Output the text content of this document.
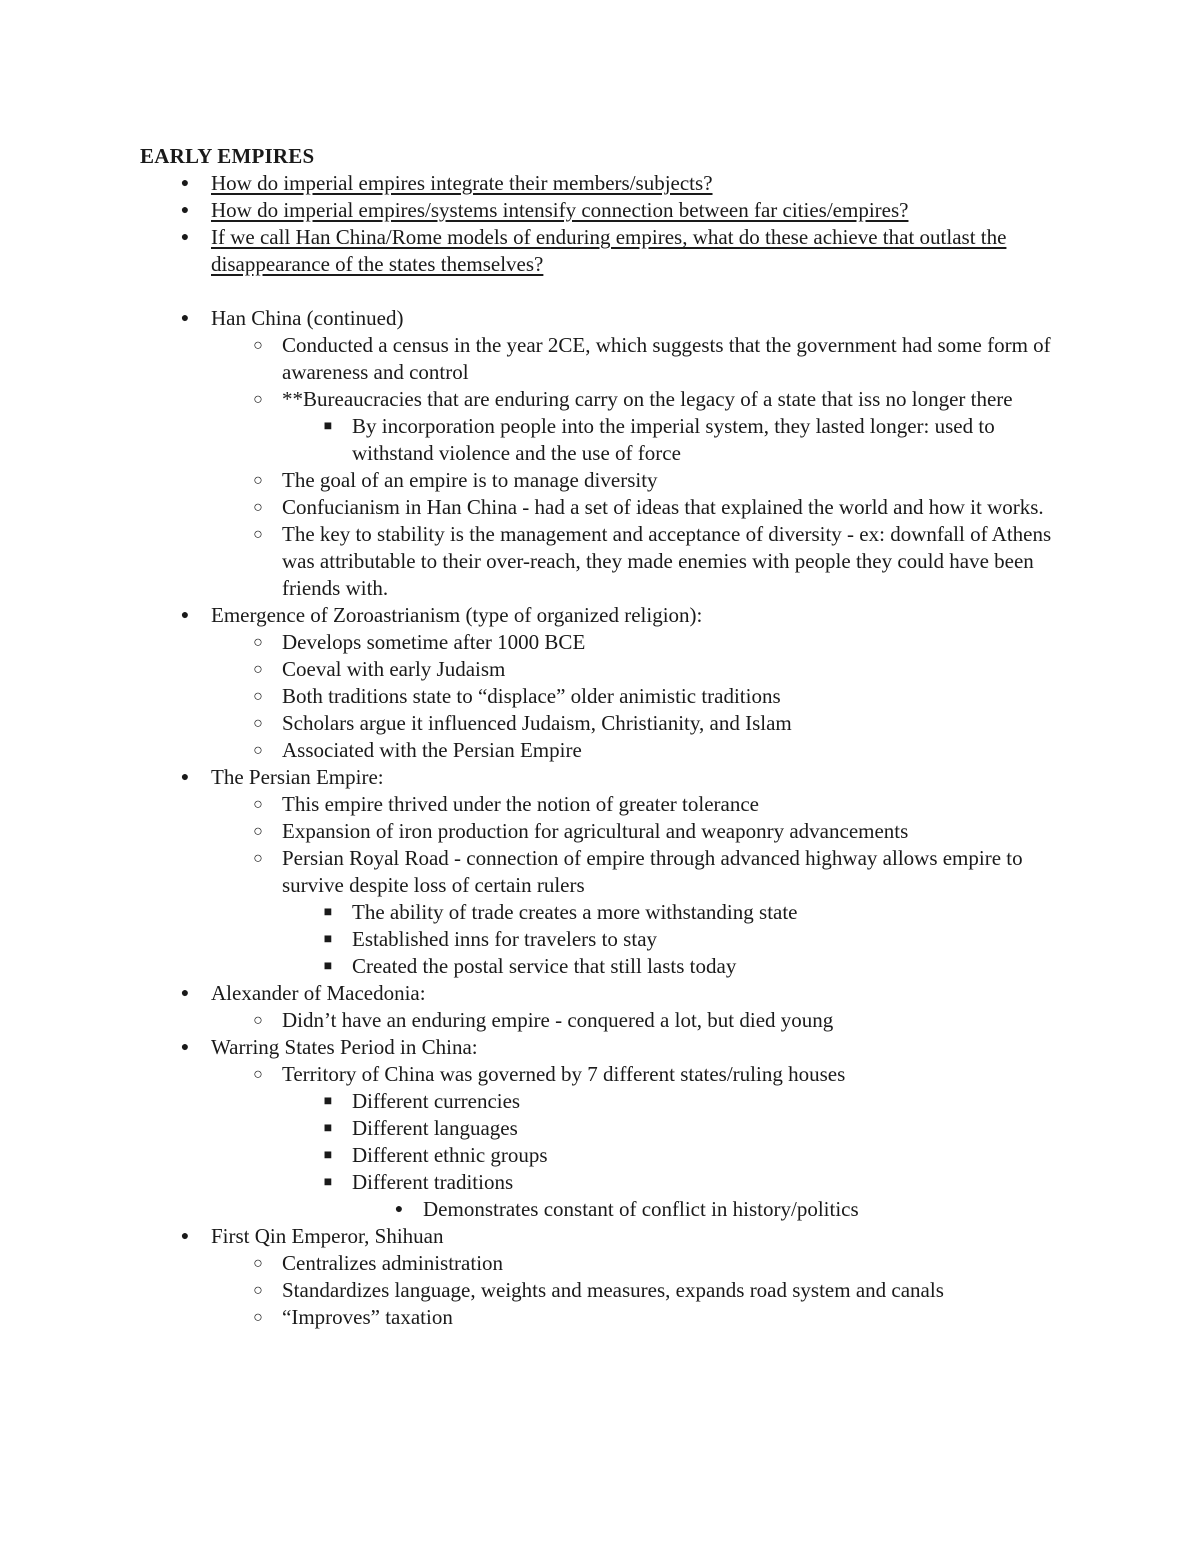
EARLY EMPIRES
●	How do imperial empires integrate their members/subjects?
●	How do imperial empires/systems intensify connection between far cities/empires?
●	If we call Han China/Rome models of enduring empires, what do these achieve that outlast the disappearance of the states themselves?
●	Han China (continued)
○ Conducted a census in the year 2CE, which suggests that the government had some form of awareness and control
○ **Bureaucracies that are enduring carry on the legacy of a state that iss no longer there
■ By incorporation people into the imperial system, they lasted longer: used to withstand violence and the use of force
○ The goal of an empire is to manage diversity
○ Confucianism in Han China - had a set of ideas that explained the world and how it works.
○ The key to stability is the management and acceptance of diversity - ex: downfall of Athens was attributable to their over-reach, they made enemies with people they could have been friends with.
●	Emergence of Zoroastrianism (type of organized religion):
○ Develops sometime after 1000 BCE
○ Coeval with early Judaism
○ Both traditions state to “displace” older animistic traditions
○ Scholars argue it influenced Judaism, Christianity, and Islam
○ Associated with the Persian Empire
●	The Persian Empire:
○ This empire thrived under the notion of greater tolerance
○ Expansion of iron production for agricultural and weaponry advancements
○ Persian Royal Road - connection of empire through advanced highway allows empire to survive despite loss of certain rulers
■ The ability of trade creates a more withstanding state
■ Established inns for travelers to stay
■ Created the postal service that still lasts today
●	Alexander of Macedonia:
○ Didn’t have an enduring empire - conquered a lot, but died young
●	Warring States Period in China:
○ Territory of China was governed by 7 different states/ruling houses
■ Different currencies
■ Different languages
■ Different ethnic groups
■ Different traditions
● Demonstrates constant of conflict in history/politics
●	First Qin Emperor, Shihuan
○ Centralizes administration
○ Standardizes language, weights and measures, expands road system and canals
○ “Improves” taxation
